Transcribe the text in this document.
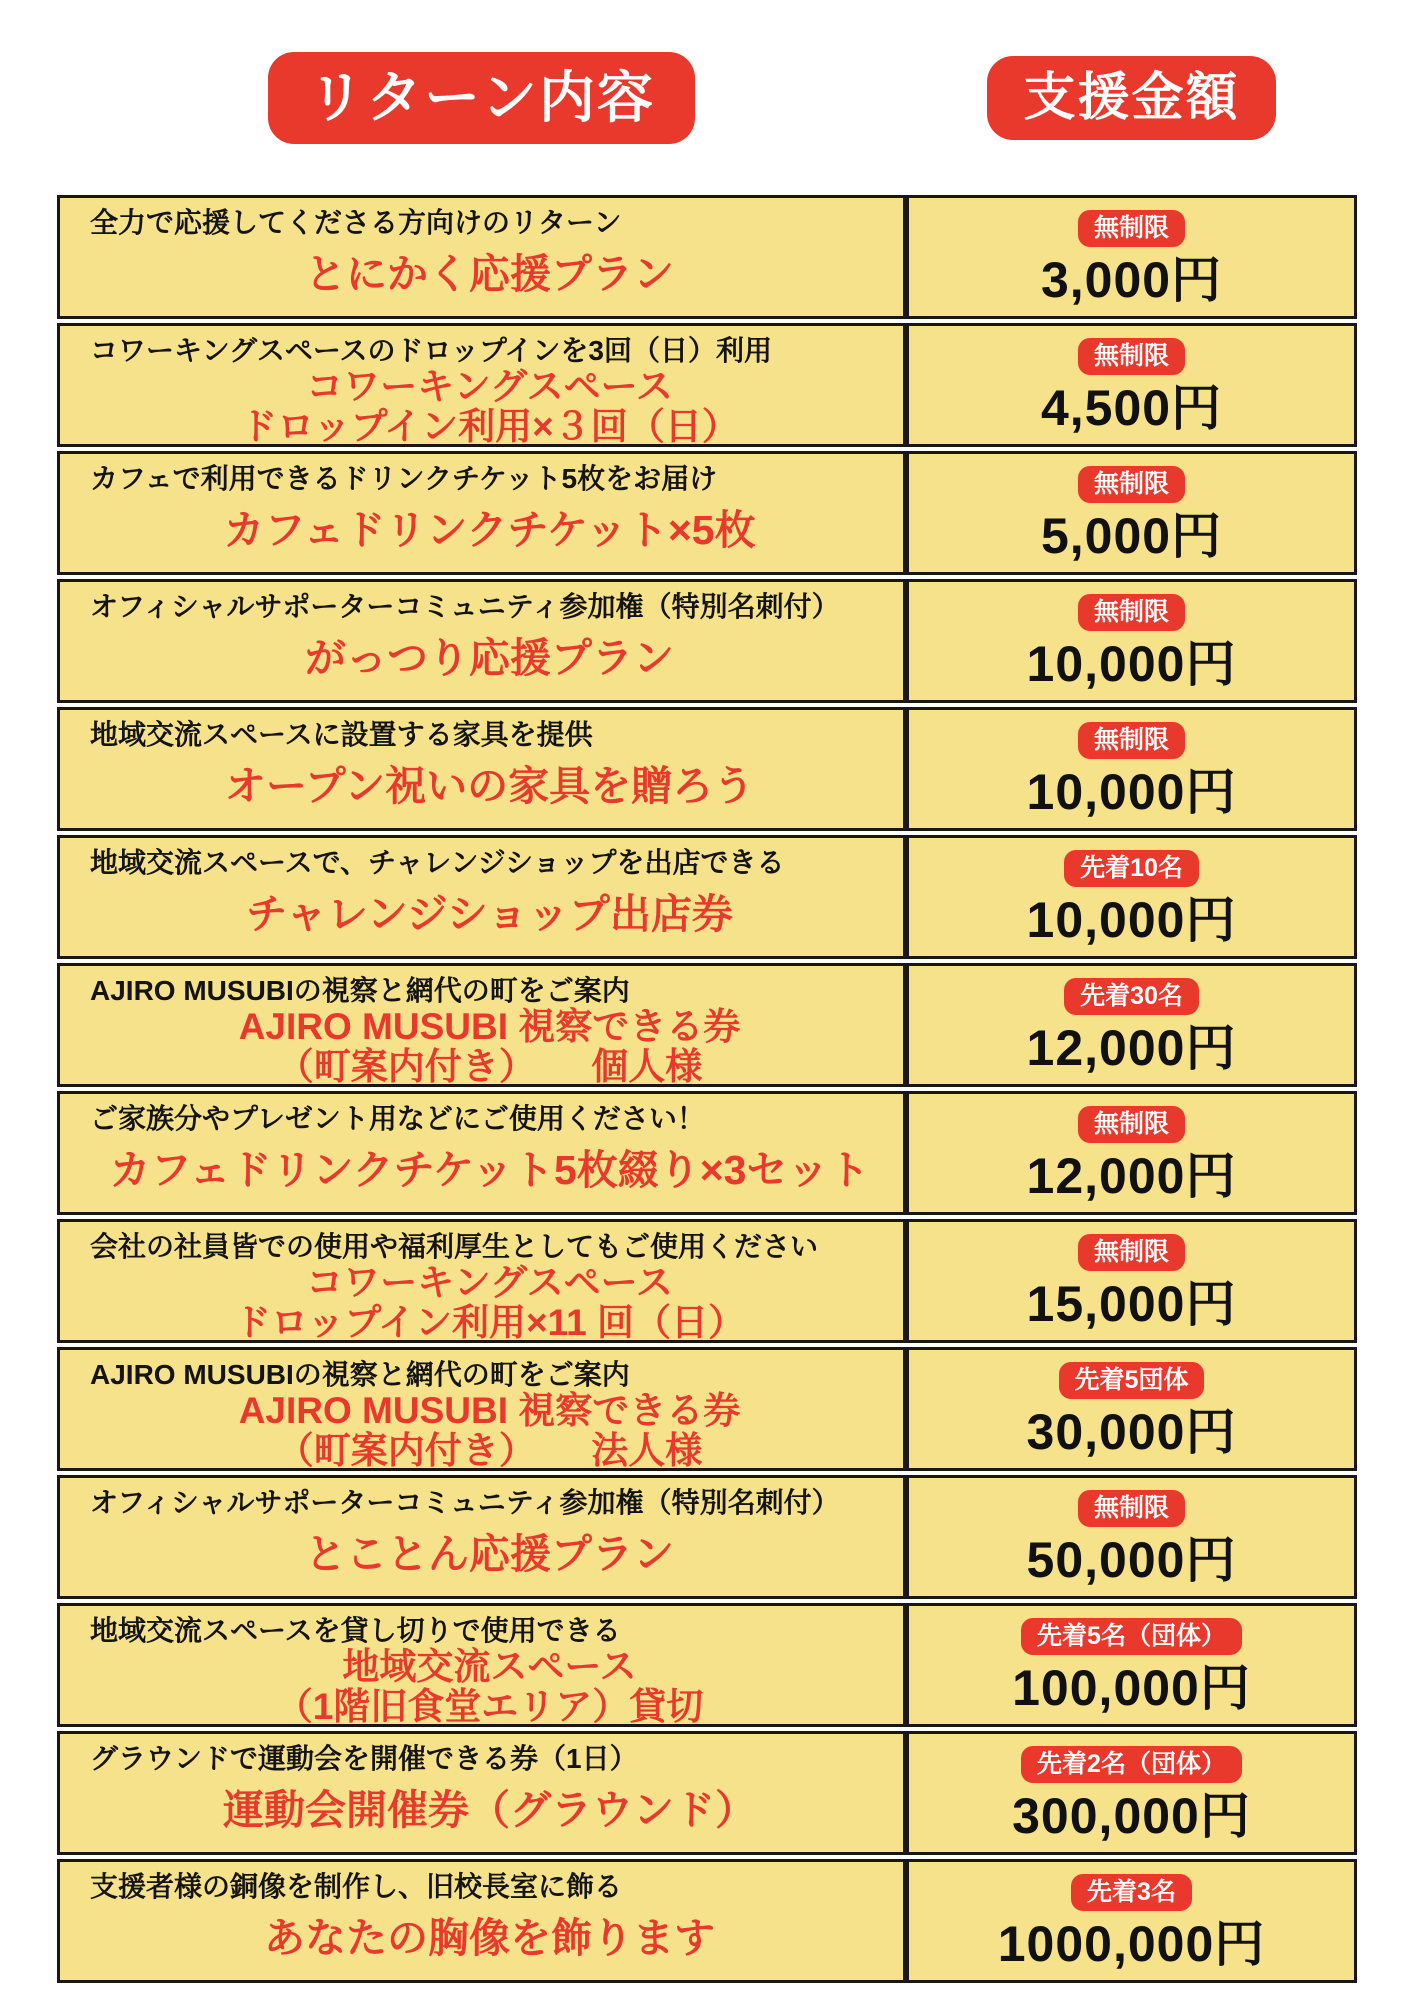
リターン内容	支援金額
全力で応援してくださる方向けのリターン
とにかく応援プラン
無制限
3,000円
コワーキングスペースのドロップインを3回（日）利用
コワーキングスペース
ドロップイン利用×３回（日）
無制限
4,500円
カフェで利用できるドリンクチケット5枚をお届け
カフェドリンクチケット×5枚
無制限
5,000円
オフィシャルサポーターコミュニティ参加権（特別名刺付）
がっつり応援プラン
無制限
10,000円
地域交流スペースに設置する家具を提供
オープン祝いの家具を贈ろう
無制限
10,000円
地域交流スペースで、チャレンジショップを出店できる
チャレンジショップ出店券
先着10名
10,000円
AJIRO MUSUBIの視察と網代の町をご案内
AJIRO MUSUBI 視察できる券
（町案内付き）　　個人様
先着30名
12,000円
ご家族分やプレゼント用などにご使用ください！
カフェドリンクチケット5枚綴り×3セット
無制限
12,000円
会社の社員皆での使用や福利厚生としてもご使用ください
コワーキングスペース
ドロップイン利用×11 回（日）
無制限
15,000円
AJIRO MUSUBIの視察と網代の町をご案内
AJIRO MUSUBI 視察できる券
（町案内付き）　　法人様
先着5団体
30,000円
オフィシャルサポーターコミュニティ参加権（特別名刺付）
とことん応援プラン
無制限
50,000円
地域交流スペースを貸し切りで使用できる
地域交流スペース
（1階旧食堂エリア）貸切
先着5名（団体）
100,000円
グラウンドで運動会を開催できる券（1日）
運動会開催券（グラウンド）
先着2名（団体）
300,000円
支援者様の銅像を制作し、旧校長室に飾る
あなたの胸像を飾ります
先着3名
1000,000円
